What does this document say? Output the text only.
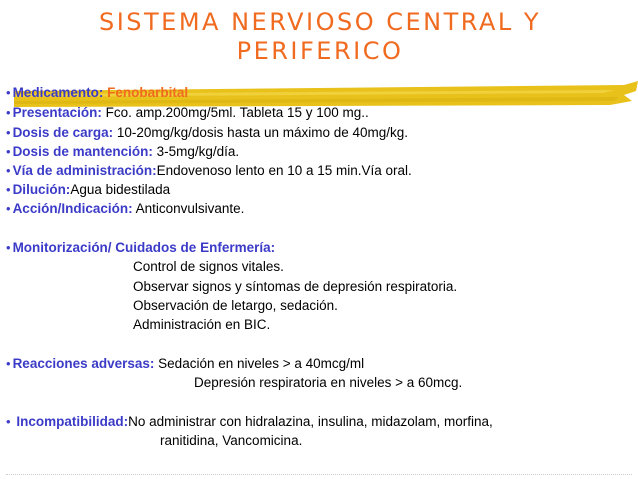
SISTEMA NERVIOSO CENTRAL Y
PERIFERICO
• Medicamento: Fenobarbital
• Presentación: Fco. amp.200mg/5ml. Tableta 15 y 100 mg..
• Dosis de carga: 10-20mg/kg/dosis hasta un máximo de 40mg/kg.
• Dosis de mantención: 3-5mg/kg/día.
• Vía de administración:Endovenoso lento en 10 a 15 min.Vía oral.
• Dilución:Agua bidestilada
• Acción/Indicación: Anticonvulsivante.
• Monitorización/ Cuidados de Enfermería:
Control de signos vitales.
Observar signos y síntomas de depresión respiratoria.
Observación de letargo, sedación.
Administración en BIC.
• Reacciones adversas: Sedación en niveles > a 40mcg/ml
Depresión respiratoria en niveles > a 60mcg.
• Incompatibilidad:No administrar con hidralazina, insulina, midazolam, morfina,
ranitidina, Vancomicina.
